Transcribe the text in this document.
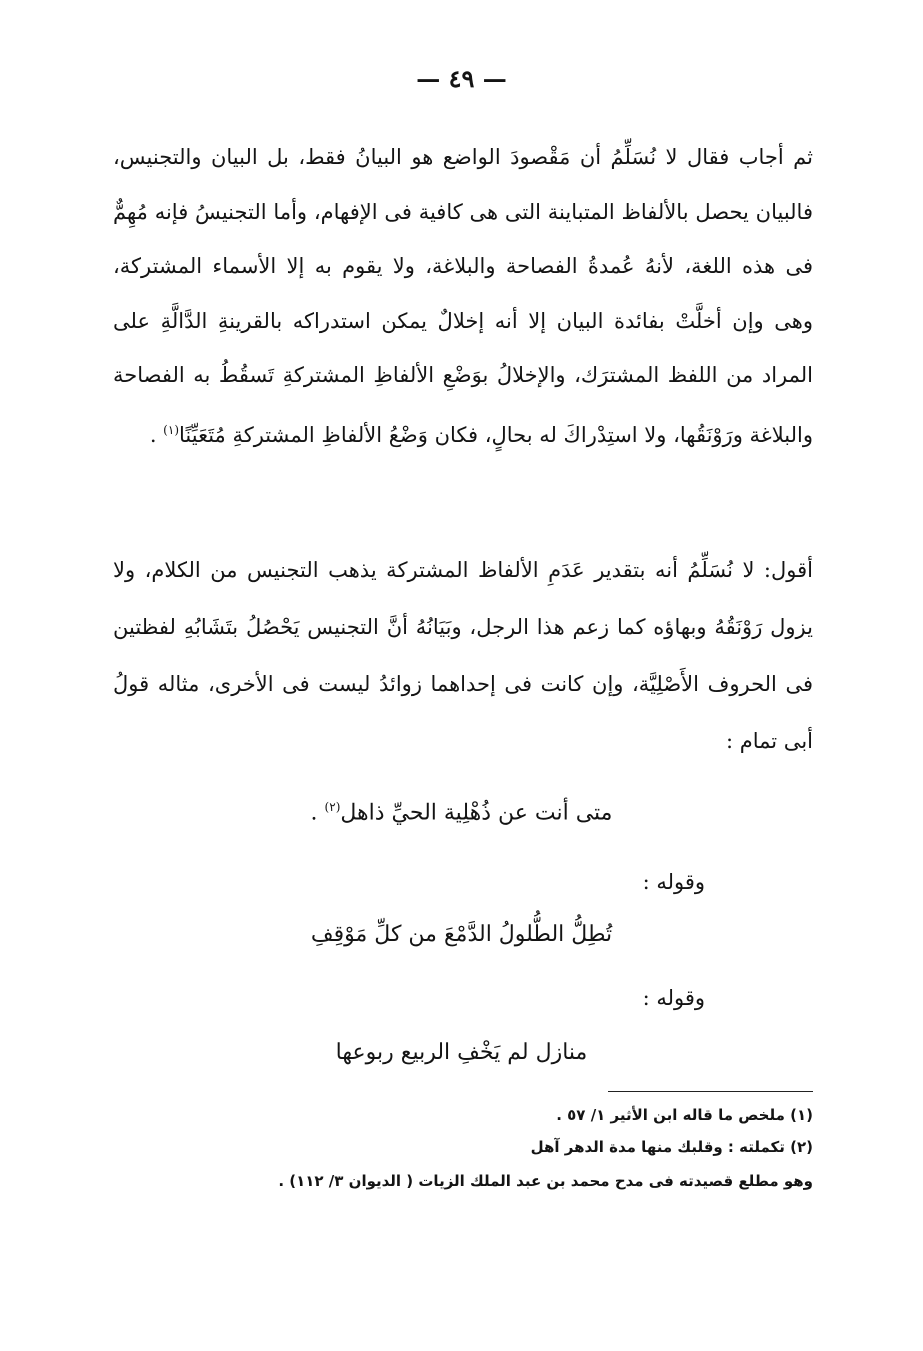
— ٤٩ —

ثم أجاب فقال لا نُسَلِّمُ أن مَقْصودَ الواضع هو البيانُ فقط، بل البيان والتجنيس، فالبيان يحصل بالألفاظ المتباينة التى هى كافية فى الإفهام، وأما التجنيسُ فإنه مُهِمٌّ فى هذه اللغة، لأنهُ عُمدةُ الفصاحة والبلاغة، ولا يقوم به إلا الأسماء المشتركة، وهى وإن أخلَّتْ بفائدة البيان إلا أنه إخلالٌ يمكن استدراكه بالقرينةِ الدَّالَّةِ على المراد من اللفظ المشترَك، والإخلالُ بوَضْعِ الألفاظِ المشتركةِ تَسقُطُ به الفصاحة والبلاغة ورَوْنَقُها، ولا استِدْراكَ له بحالٍ، فكان وَضْعُ الألفاظِ المشتركةِ مُتَعَيِّنًا$^{(١)}$ .

أقول: لا نُسَلِّمُ أنه بتقدير عَدَمِ الألفاظ المشتركة يذهب التجنيس من الكلام، ولا يزول رَوْنَقُهُ وبهاؤه كما زعم هذا الرجل، وبَيَانُهُ أنَّ التجنيس يَحْصُلُ بتَشَابُهِ لفظتين فى الحروف الأَصْلِيَّة، وإن كانت فى إحداهما زوائدُ ليست فى الأخرى، مثاله قولُ أبى تمام :

متى أنت عن ذُهْلِية الحيِّ ذاهل$^{(٢)}$ .
وقوله :
تُطِلُّ الطُّلولُ الدَّمْعَ من كلِّ مَوْقِفِ
وقوله :
منازل لم يَخْفِ الربيع ربوعها

(١) ملخص ما قاله ابن الأثير ١/ ٥٧ .

(٢) تكملته : وقلبك منها مدة الدهر آهل

وهو مطلع قصيدته فى مدح محمد بن عبد الملك الزيات ( الديوان ٣/ ١١٢) .
